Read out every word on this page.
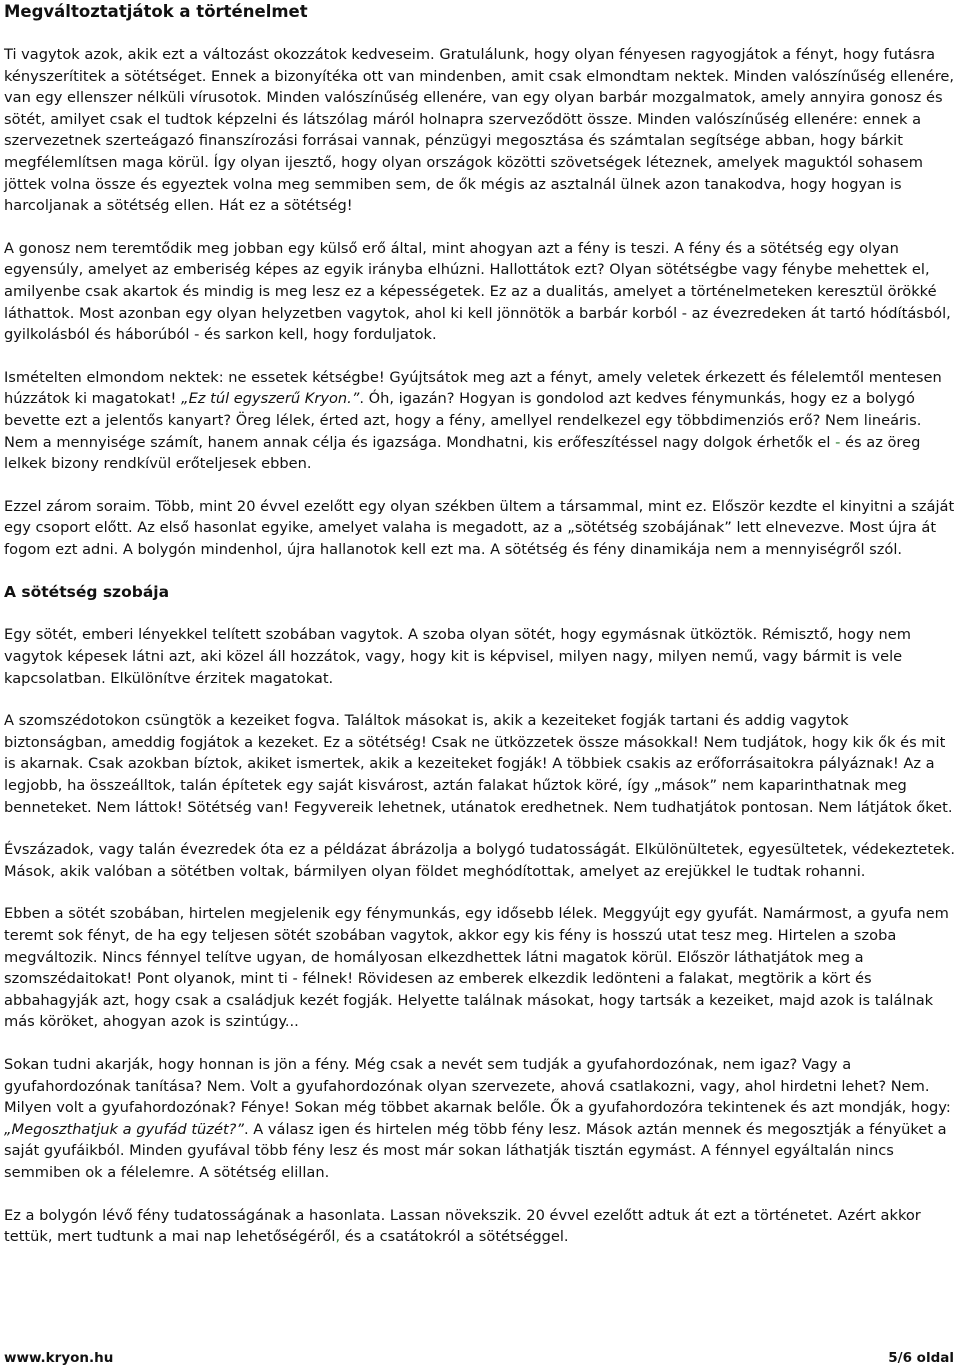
Megváltoztatjátok a történelmet

Ti vagytok azok, akik ezt a változást okozzátok kedveseim. Gratulálunk, hogy olyan fényesen ragyogjátok a fényt, hogy futásra kényszerítitek a sötétséget. Ennek a bizonyítéka ott van mindenben, amit csak elmondtam nektek. Minden valószínűség ellenére, van egy ellenszer nélküli vírusotok. Minden valószínűség ellenére, van egy olyan barbár mozgalmatok, amely annyira gonosz és sötét, amilyet csak el tudtok képzelni és látszólag máról holnapra szerveződött össze. Minden valószínűség ellenére: ennek a szervezetnek szerteágazó finanszírozási forrásai vannak, pénzügyi megosztása és számtalan segítsége abban, hogy bárkit megfélemlítsen maga körül. Így olyan ijesztő, hogy olyan országok közötti szövetségek léteznek, amelyek maguktól sohasem jöttek volna össze és egyeztek volna meg semmiben sem, de ők mégis az asztalnál ülnek azon tanakodva, hogy hogyan is harcoljanak a sötétség ellen. Hát ez a sötétség!

A gonosz nem teremtődik meg jobban egy külső erő által, mint ahogyan azt a fény is teszi. A fény és a sötétség egy olyan egyensúly, amelyet az emberiség képes az egyik irányba elhúzni. Hallottátok ezt? Olyan sötétségbe vagy fénybe mehettek el, amilyenbe csak akartok és mindig is meg lesz ez a képességetek. Ez az a dualitás, amelyet a történelmeteken keresztül örökké láthattok. Most azonban egy olyan helyzetben vagytok, ahol ki kell jönnötök a barbár korból - az évezredeken át tartó hódításból, gyilkolásból és háborúból - és sarkon kell, hogy forduljatok.

Ismételten elmondom nektek: ne essetek kétségbe! Gyújtsátok meg azt a fényt, amely veletek érkezett és félelemtől mentesen húzzátok ki magatokat! „Ez túl egyszerű Kryon.”. Óh, igazán? Hogyan is gondolod azt kedves fénymunkás, hogy ez a bolygó bevette ezt a jelentős kanyart? Öreg lélek, érted azt, hogy a fény, amellyel rendelkezel egy többdimenziós erő? Nem lineáris. Nem a mennyisége számít, hanem annak célja és igazsága. Mondhatni, kis erőfeszítéssel nagy dolgok érhetők el - és az öreg lelkek bizony rendkívül erőteljesek ebben.

Ezzel zárom soraim. Több, mint 20 évvel ezelőtt egy olyan székben ültem a társammal, mint ez. Először kezdte el kinyitni a száját egy csoport előtt. Az első hasonlat egyike, amelyet valaha is megadott, az a „sötétség szobájának” lett elnevezve. Most újra át fogom ezt adni. A bolygón mindenhol, újra hallanotok kell ezt ma. A sötétség és fény dinamikája nem a mennyiségről szól.

A sötétség szobája

Egy sötét, emberi lényekkel telített szobában vagytok. A szoba olyan sötét, hogy egymásnak ütköztök. Rémisztő, hogy nem vagytok képesek látni azt, aki közel áll hozzátok, vagy, hogy kit is képvisel, milyen nagy, milyen nemű, vagy bármit is vele kapcsolatban. Elkülönítve érzitek magatokat.

A szomszédotokon csüngtök a kezeiket fogva. Találtok másokat is, akik a kezeiteket fogják tartani és addig vagytok biztonságban, ameddig fogjátok a kezeket. Ez a sötétség! Csak ne ütközzetek össze másokkal! Nem tudjátok, hogy kik ők és mit is akarnak. Csak azokban bíztok, akiket ismertek, akik a kezeiteket fogják! A többiek csakis az erőforrásaitokra pályáznak! Az a legjobb, ha összeálltok, talán építetek egy saját kisvárost, aztán falakat hűztok köré, így „mások” nem kaparinthatnak meg benneteket. Nem láttok! Sötétség van! Fegyvereik lehetnek, utánatok eredhetnek. Nem tudhatjátok pontosan. Nem látjátok őket.

Évszázadok, vagy talán évezredek óta ez a példázat ábrázolja a bolygó tudatosságát. Elkülönültetek, egyesültetek, védekeztetek. Mások, akik valóban a sötétben voltak, bármilyen olyan földet meghódítottak, amelyet az erejükkel le tudtak rohanni.

Ebben a sötét szobában, hirtelen megjelenik egy fénymunkás, egy idősebb lélek. Meggyújt egy gyufát. Namármost, a gyufa nem teremt sok fényt, de ha egy teljesen sötét szobában vagytok, akkor egy kis fény is hosszú utat tesz meg. Hirtelen a szoba megváltozik. Nincs fénnyel telítve ugyan, de homályosan elkezdhettek látni magatok körül. Először láthatjátok meg a szomszédaitokat! Pont olyanok, mint ti - félnek! Rövidesen az emberek elkezdik ledönteni a falakat, megtörik a kört és abbahagyják azt, hogy csak a családjuk kezét fogják. Helyette találnak másokat, hogy tartsák a kezeiket, majd azok is találnak más köröket, ahogyan azok is szintúgy...

Sokan tudni akarják, hogy honnan is jön a fény. Még csak a nevét sem tudják a gyufahordozónak, nem igaz? Vagy a gyufahordozónak tanítása? Nem. Volt a gyufahordozónak olyan szervezete, ahová csatlakozni, vagy, ahol hirdetni lehet? Nem. Milyen volt a gyufahordozónak? Fénye! Sokan még többet akarnak belőle. Ők a gyufahordozóra tekintenek és azt mondják, hogy: „Megoszthatjuk a gyufád tüzét?”. A válasz igen és hirtelen még több fény lesz. Mások aztán mennek és megosztják a fényüket a saját gyufáikból. Minden gyufával több fény lesz és most már sokan láthatják tisztán egymást. A fénnyel egyáltalán nincs semmiben ok a félelemre. A sötétség elillan.

Ez a bolygón lévő fény tudatosságának a hasonlata. Lassan növekszik. 20 évvel ezelőtt adtuk át ezt a történetet. Azért akkor tettük, mert tudtunk a mai nap lehetőségéről, és a csatátokról a sötétséggel.

www.kryon.hu	5/6 oldal
